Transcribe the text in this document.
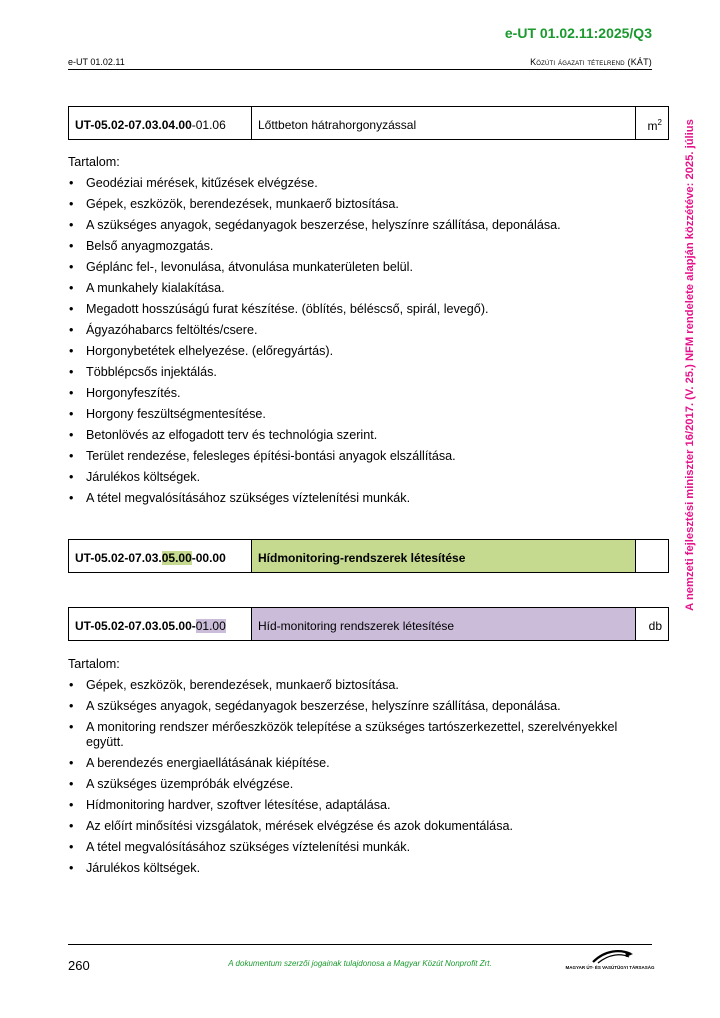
e-UT 01.02.11:2025/Q3
e-UT 01.02.11	Közúti ágazati tételrend (KÁT)
A nemzeti fejlesztési miniszter 16/2017. (V. 25.) NFM rendelete alapján közzétéve: 2025. július
UT-05.02-07.03.04.00-01.06	Lőttbeton hátrahorgonyzással	$m^2$
Tartalom:
• Geodéziai mérések, kitűzések elvégzése.
• Gépek, eszközök, berendezések, munkaerő biztosítása.
• A szükséges anyagok, segédanyagok beszerzése, helyszínre szállítása, deponálása.
• Belső anyagmozgatás.
• Géplánc fel-, levonulása, átvonulása munkaterületen belül.
• A munkahely kialakítása.
• Megadott hosszúságú furat készítése. (öblítés, béléscső, spirál, levegő).
• Ágyazóhabarcs feltöltés/csere.
• Horgonybetétek elhelyezése. (előregyártás).
• Többlépcsős injektálás.
• Horgonyfeszítés.
• Horgony feszültségmentesítése.
• Betonlövés az elfogadott terv és technológia szerint.
• Terület rendezése, felesleges építési-bontási anyagok elszállítása.
• Járulékos költségek.
• A tétel megvalósításához szükséges víztelenítési munkák.
UT-05.02-07.03.05.00-00.00	Hídmonitoring-rendszerek létesítése	
UT-05.02-07.03.05.00-01.00	Híd-monitoring rendszerek létesítése	db
Tartalom:
• Gépek, eszközök, berendezések, munkaerő biztosítása.
• A szükséges anyagok, segédanyagok beszerzése, helyszínre szállítása, deponálása.
• A monitoring rendszer mérőeszközök telepítése a szükséges tartószerkezettel, szerelvényekkel együtt.
• A berendezés energiaellátásának kiépítése.
• A szükséges üzempróbák elvégzése.
• Hídmonitoring hardver, szoftver létesítése, adaptálása.
• Az előírt minősítési vizsgálatok, mérések elvégzése és azok dokumentálása.
• A tétel megvalósításához szükséges víztelenítési munkák.
• Járulékos költségek.
260	A dokumentum szerzői jogainak tulajdonosa a Magyar Közút Nonprofit Zrt.	MAGYAR ÚT- ÉS VASÚTÜGYI TÁRSASÁG
